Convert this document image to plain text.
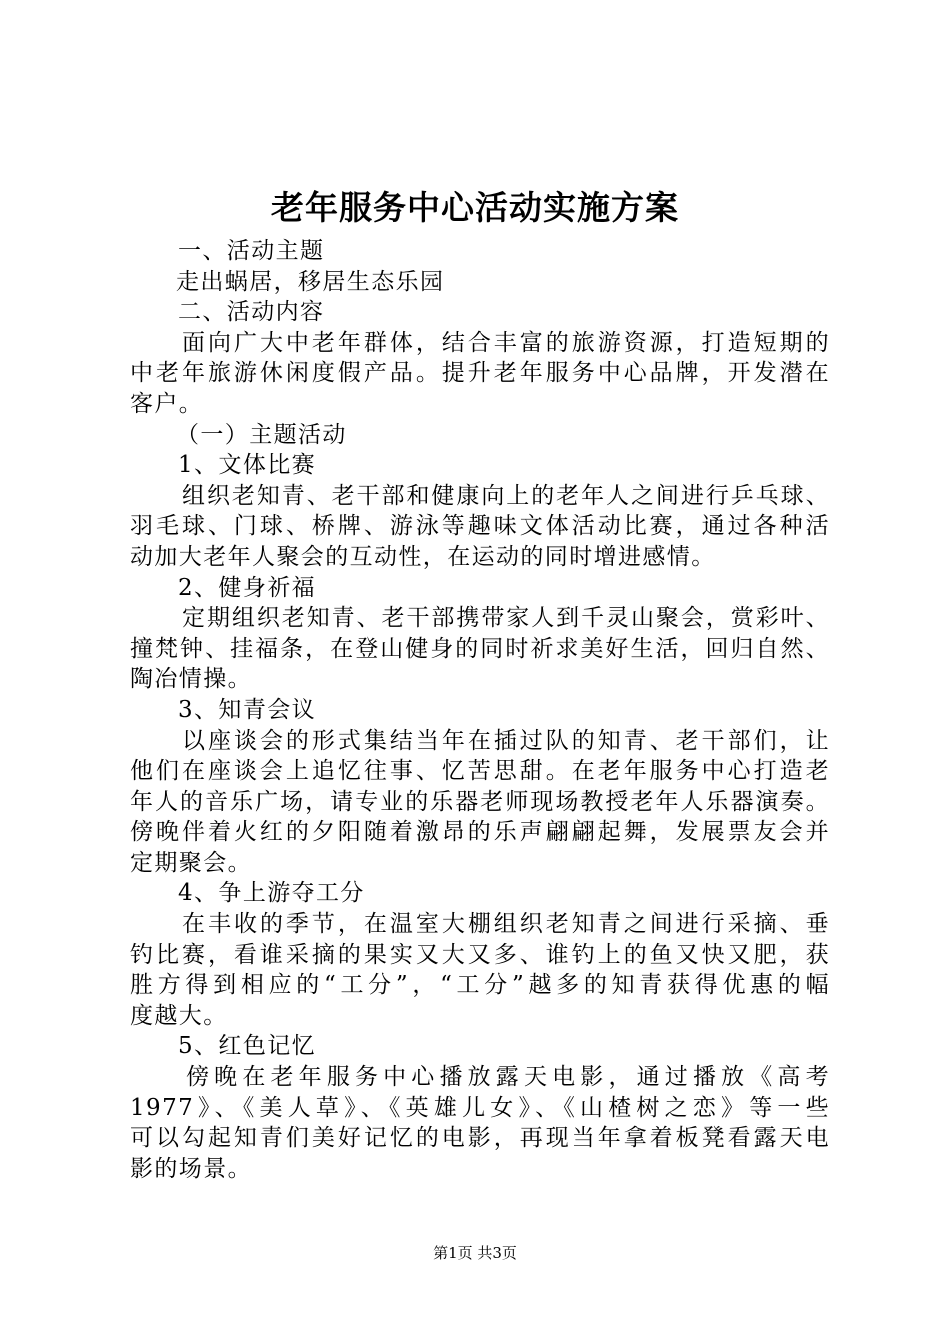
老年服务中心活动实施方案
一、活动主题
走出蜗居，移居生态乐园
二、活动内容
面向广大中老年群体，结合丰富的旅游资源，打造短期的
中老年旅游休闲度假产品。提升老年服务中心品牌，开发潜在
客户。
（一）主题活动
1、文体比赛
组织老知青、老干部和健康向上的老年人之间进行乒乓球、
羽毛球、门球、桥牌、游泳等趣味文体活动比赛，通过各种活
动加大老年人聚会的互动性，在运动的同时增进感情。
2、健身祈福
定期组织老知青、老干部携带家人到千灵山聚会，赏彩叶、
撞梵钟、挂福条，在登山健身的同时祈求美好生活，回归自然、
陶冶情操。
3、知青会议
以座谈会的形式集结当年在插过队的知青、老干部们，让
他们在座谈会上追忆往事、忆苦思甜。在老年服务中心打造老
年人的音乐广场，请专业的乐器老师现场教授老年人乐器演奏。
傍晚伴着火红的夕阳随着激昂的乐声翩翩起舞，发展票友会并
定期聚会。
4、争上游夺工分
在丰收的季节，在温室大棚组织老知青之间进行采摘、垂
钓比赛，看谁采摘的果实又大又多、谁钓上的鱼又快又肥，获
胜方得到相应的“工分”，“工分”越多的知青获得优惠的幅
度越大。
5、红色记忆
傍晚在老年服务中心播放露天电影，通过播放《高考
1977》、《美人草》、《英雄儿女》、《山楂树之恋》等一些
可以勾起知青们美好记忆的电影，再现当年拿着板凳看露天电
影的场景。
第1页 共3页
